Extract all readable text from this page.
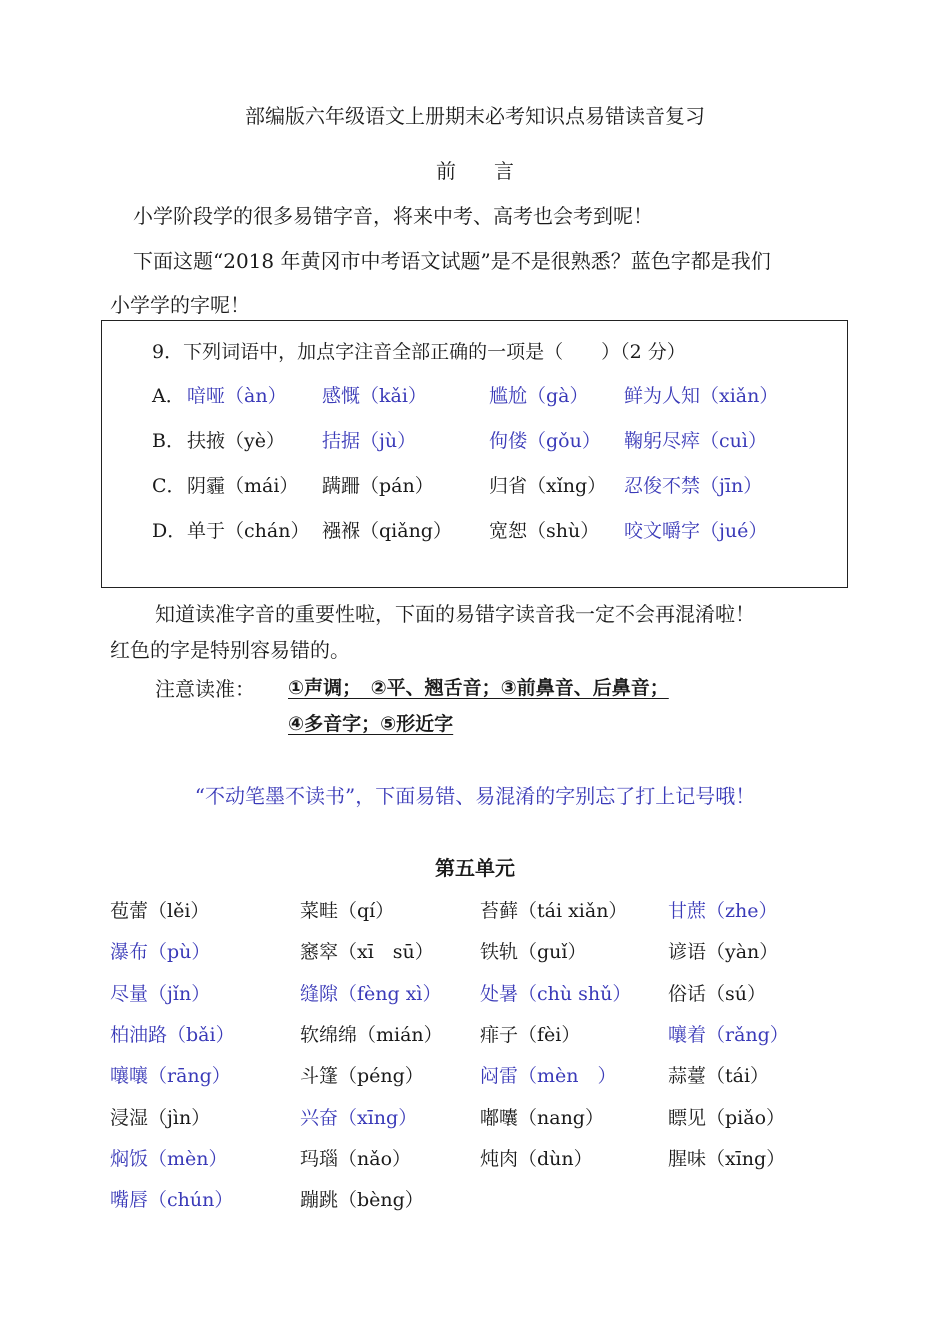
部编版六年级语文上册期末必考知识点易错读音复习
前言
小学阶段学的很多易错字音，将来中考、高考也会考到呢！
下面这题“2018 年黄冈市中考语文试题”是不是很熟悉？蓝色字都是我们
小学学的字呢！
9．下列词语中，加点字注音全部正确的一项是（　　）（2 分）
A． 喑哑（àn） 感慨（kǎi）	尴尬（gà） 鲜为人知（xiǎn）
B． 扶掖（yè） 拮据（jù）	佝偻（gǒu） 鞠躬尽瘁（cuì）
C． 阴霾（mái） 蹒跚（pán）	归省（xǐng） 忍俊不禁（jīn）
D． 单于（chán） 襁褓（qiǎng） 宽恕（shù） 咬文嚼字（jué）
知道读准字音的重要性啦，下面的易错字读音我一定不会再混淆啦！
红色的字是特别容易错的。
注意读准： ①声调；　②平、翘舌音；③前鼻音、后鼻音；
④多音字；⑤形近字
“不动笔墨不读书”，下面易错、易混淆的字别忘了打上记号哦！
第五单元
苞蕾（lěi）	菜畦（qí）	苔藓（tái xiǎn） 甘蔗（zhe）
瀑布（pù）	窸窣（xī　sū） 铁轨（guǐ）	谚语（yàn）
尽量（jǐn）	缝隙（fèng xì） 处暑（chù shǔ） 俗话（sú）
柏油路（bǎi）	软绵绵（mián） 痱子（fèi）	嚷着（rǎng）
嚷嚷（rāng）	斗篷（péng）	闷雷（mèn　）	蒜薹（tái）
浸湿（jìn）	兴奋（xīng）	嘟囔（nang）	瞟见（piǎo）
焖饭（mèn）	玛瑙（nǎo）	炖肉（dùn）	腥味（xīng）
嘴唇（chún）	蹦跳（bèng）
